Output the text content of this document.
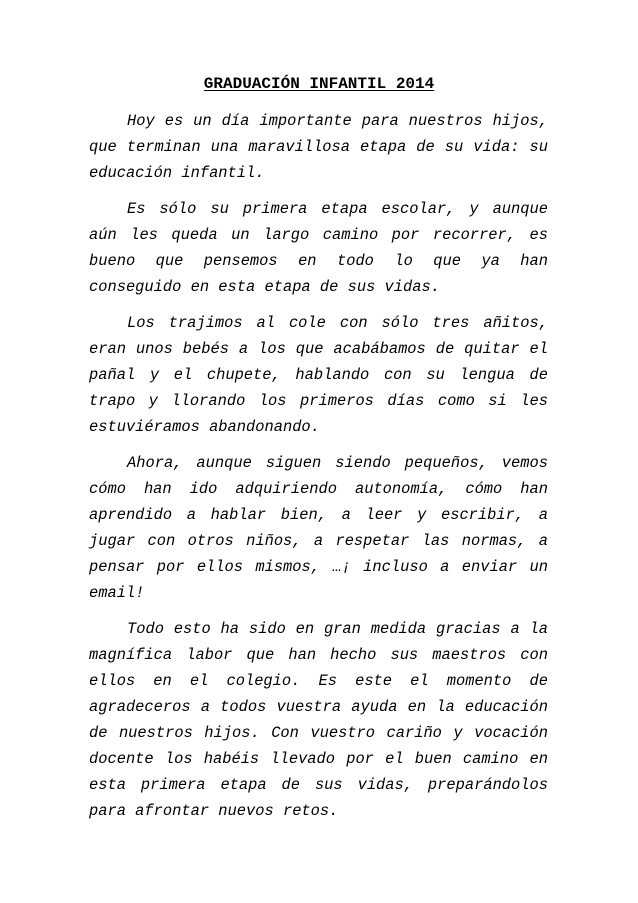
GRADUACIÓN INFANTIL 2014

Hoy es un día importante para nuestros hijos, que terminan una maravillosa etapa de su vida: su educación infantil.

Es sólo su primera etapa escolar, y aunque aún les queda un largo camino por recorrer, es bueno que pensemos en todo lo que ya han conseguido en esta etapa de sus vidas.

Los trajimos al cole con sólo tres añitos, eran unos bebés a los que acabábamos de quitar el pañal y el chupete, hablando con su lengua de trapo y llorando los primeros días como si les estuviéramos abandonando.

Ahora, aunque siguen siendo pequeños, vemos cómo han ido adquiriendo autonomía, cómo han aprendido a hablar bien, a leer y escribir, a jugar con otros niños, a respetar las normas, a pensar por ellos mismos, …¡ incluso a enviar un email!

Todo esto ha sido en gran medida gracias a la magnífica labor que han hecho sus maestros con ellos en el colegio. Es este el momento de agradeceros a todos vuestra ayuda en la educación de nuestros hijos. Con vuestro cariño y vocación docente los habéis llevado por el buen camino en esta primera etapa de sus vidas, preparándolos para afrontar nuevos retos.
